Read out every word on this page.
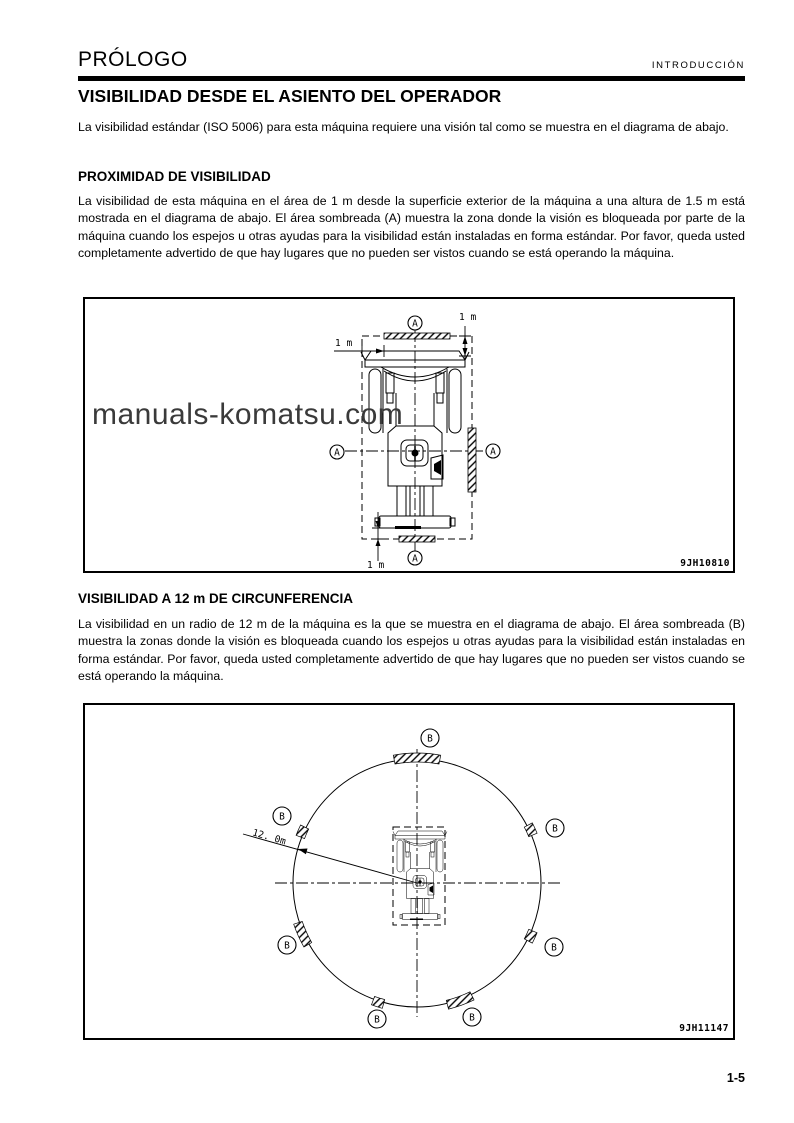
PRÓLOGO	INTRODUCCIÓN
VISIBILIDAD DESDE EL ASIENTO DEL OPERADOR

La visibilidad estándar (ISO 5006) para esta máquina requiere una visión tal como se muestra en el diagrama de abajo.

PROXIMIDAD DE VISIBILIDAD

La visibilidad de esta máquina en el área de 1 m desde la superficie exterior de la máquina a una altura de 1.5 m está mostrada en el diagrama de abajo. El área sombreada (A) muestra la zona donde la visión es bloqueada por parte de la máquina cuando los espejos u otras ayudas para la visibilidad están instaladas en forma estándar. Por favor, queda usted completamente advertido de que hay lugares que no pueden ser vistos cuando se está operando la máquina.

A
A	A
A
1 m
1 m
1 m	9JH10810
VISIBILIDAD A 12 m DE CIRCUNFERENCIA

La visibilidad en un radio de 12 m de la máquina es la que se muestra en el diagrama de abajo. El área sombreada (B) muestra la zonas donde la visión es bloqueada cuando los espejos u otras ayudas para la visibilidad están instaladas en forma estándar. Por favor, queda usted completamente advertido de que hay lugares que no pueden ser vistos cuando se está operando la máquina.

12. 0m
B
B
B
B	B
B	B
9JH11147
manuals-komatsu.com
1-5
